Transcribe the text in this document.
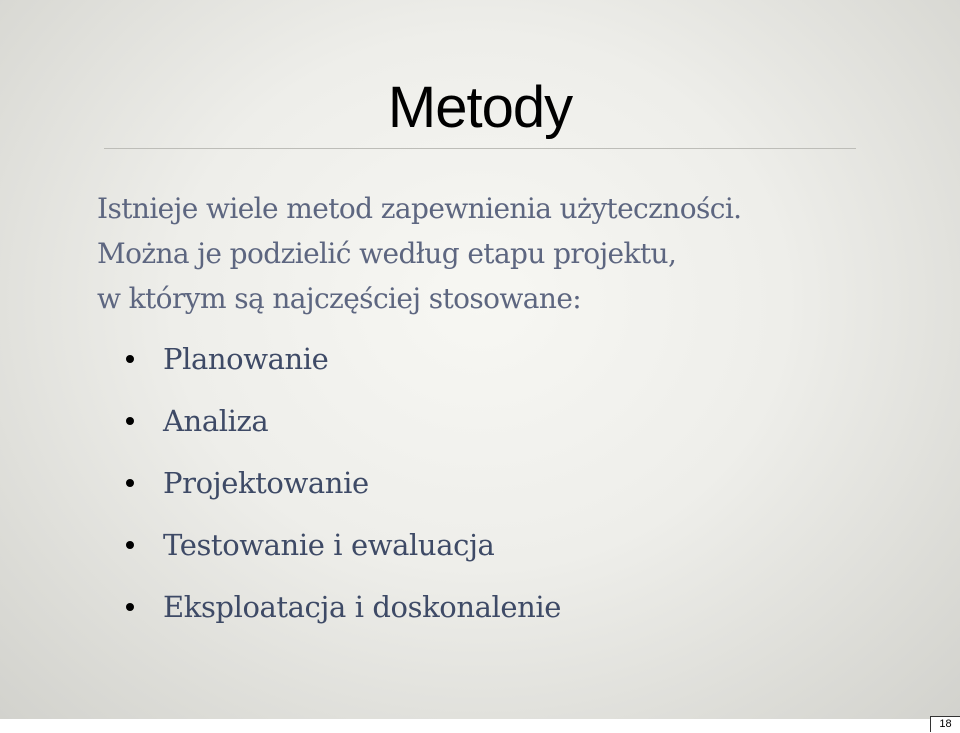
Metody
Istnieje wiele metod zapewnienia użyteczności.
Można je podzielić według etapu projektu,
w którym są najczęściej stosowane:
Planowanie
Analiza
Projektowanie
Testowanie i ewaluacja
Eksploatacja i doskonalenie
18
